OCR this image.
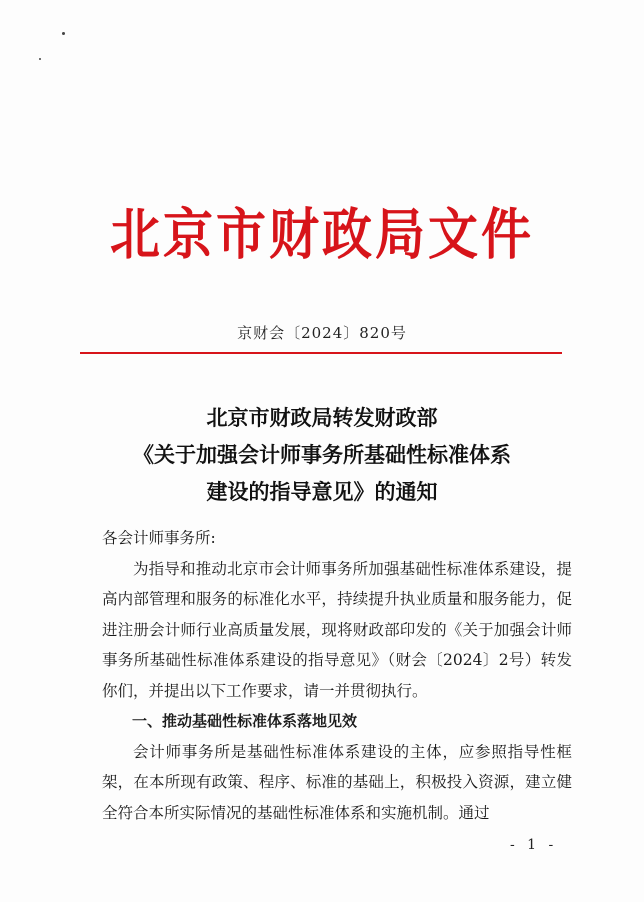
北京市财政局文件
京财会〔2024〕820号
北京市财政局转发财政部
《关于加强会计师事务所基础性标准体系
建设的指导意见》的通知

各会计师事务所:

为指导和推动北京市会计师事务所加强基础性标准体系建设，提高内部管理和服务的标准化水平，持续提升执业质量和服务能力，促进注册会计师行业高质量发展，现将财政部印发的《关于加强会计师事务所基础性标准体系建设的指导意见》（财会〔2024〕2号）转发你们，并提出以下工作要求，请一并贯彻执行。

一、推动基础性标准体系落地见效

会计师事务所是基础性标准体系建设的主体，应参照指导性框架，在本所现有政策、程序、标准的基础上，积极投入资源，建立健全符合本所实际情况的基础性标准体系和实施机制。通过

- 1 -
